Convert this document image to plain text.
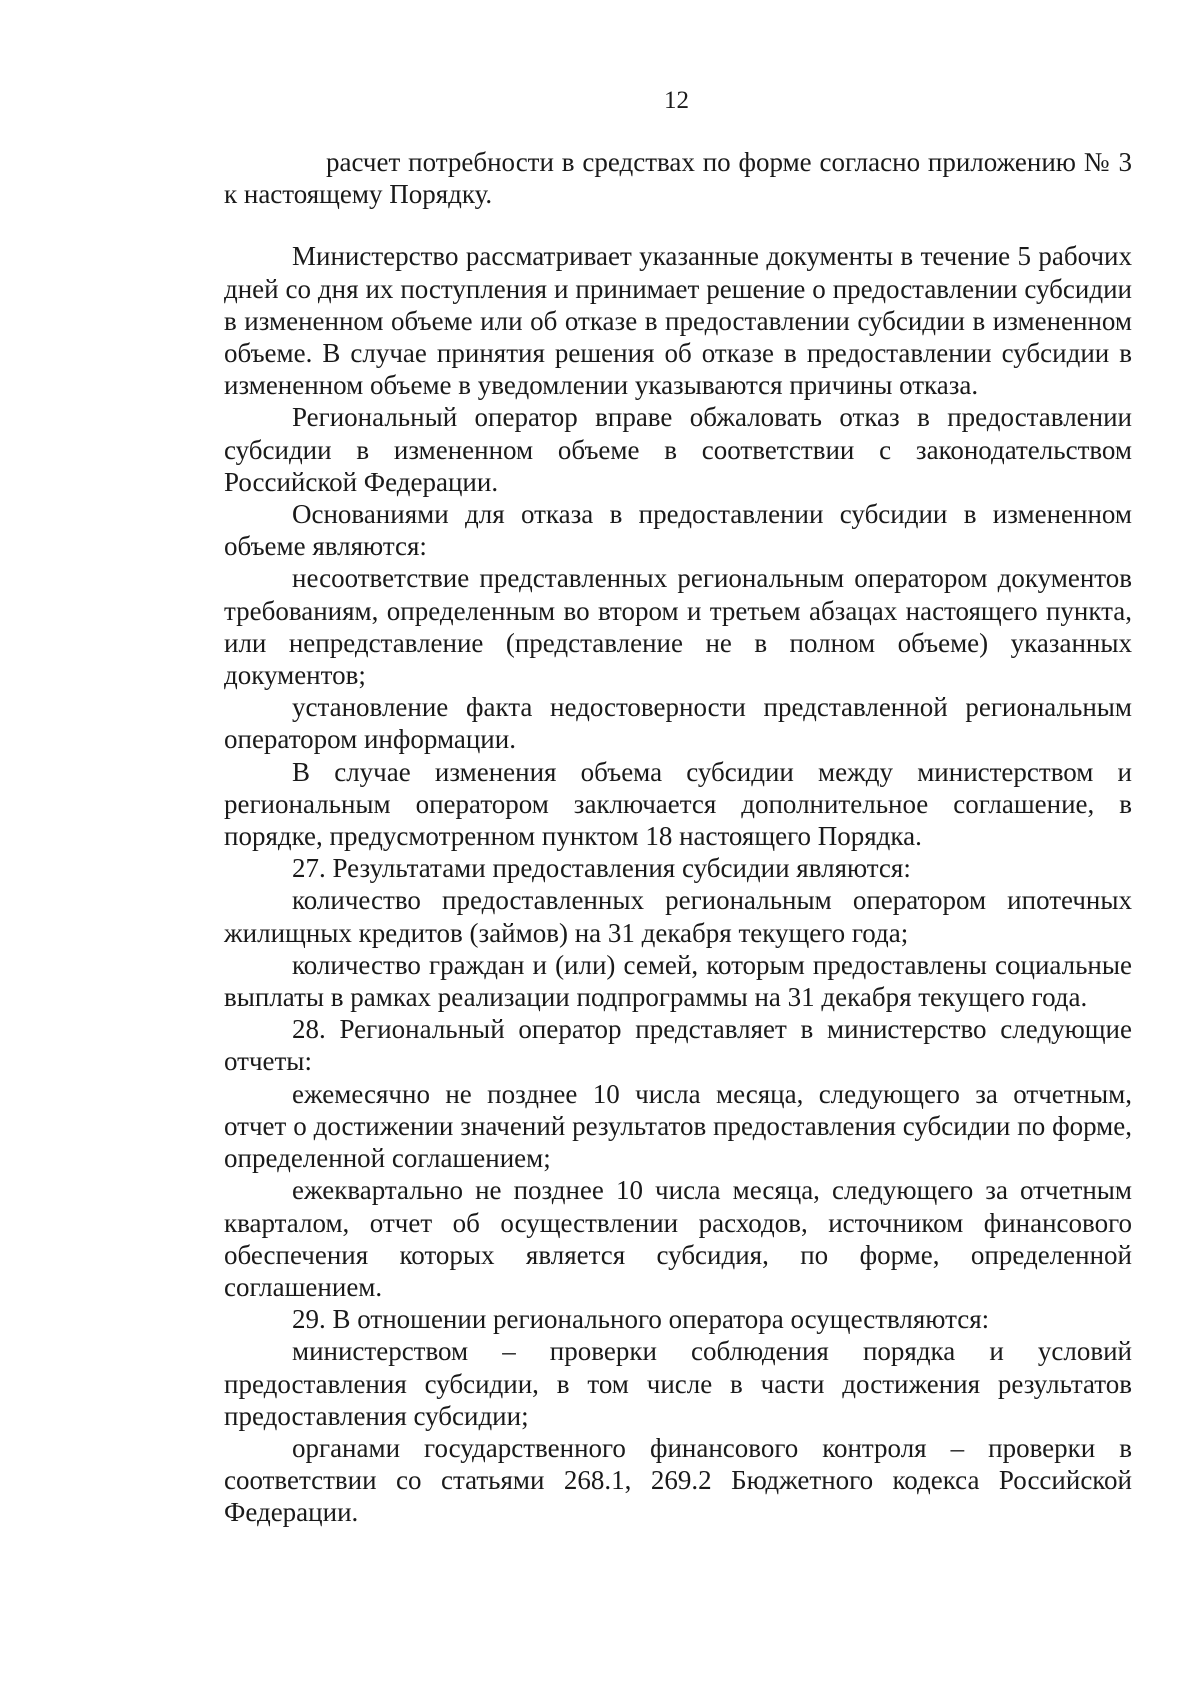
12

расчет потребности в средствах по форме согласно приложению № 3 к настоящему Порядку.

Министерство рассматривает указанные документы в течение 5 рабочих дней со дня их поступления и принимает решение о предоставлении субсидии в измененном объеме или об отказе в предоставлении субсидии в измененном объеме. В случае принятия решения об отказе в предоставлении субсидии в измененном объеме в уведомлении указываются причины отказа.

Региональный оператор вправе обжаловать отказ в предоставлении субсидии в измененном объеме в соответствии с законодательством Российской Федерации.

Основаниями для отказа в предоставлении субсидии в измененном объеме являются:

несоответствие представленных региональным оператором документов требованиям, определенным во втором и третьем абзацах настоящего пункта, или непредставление (представление не в полном объеме) указанных документов;

установление факта недостоверности представленной региональным оператором информации.

В случае изменения объема субсидии между министерством и региональным оператором заключается дополнительное соглашение, в порядке, предусмотренном пунктом 18 настоящего Порядка.

27. Результатами предоставления субсидии являются:

количество предоставленных региональным оператором ипотечных жилищных кредитов (займов) на 31 декабря текущего года;

количество граждан и (или) семей, которым предоставлены социальные выплаты в рамках реализации подпрограммы на 31 декабря текущего года.

28. Региональный оператор представляет в министерство следующие отчеты:

ежемесячно не позднее 10 числа месяца, следующего за отчетным, отчет о достижении значений результатов предоставления субсидии по форме, определенной соглашением;

ежеквартально не позднее 10 числа месяца, следующего за отчетным кварталом, отчет об осуществлении расходов, источником финансового обеспечения которых является субсидия, по форме, определенной соглашением.

29. В отношении регионального оператора осуществляются:

министерством – проверки соблюдения порядка и условий предоставления субсидии, в том числе в части достижения результатов предоставления субсидии;

органами государственного финансового контроля – проверки в соответствии со статьями 268.1, 269.2 Бюджетного кодекса Российской Федерации.
